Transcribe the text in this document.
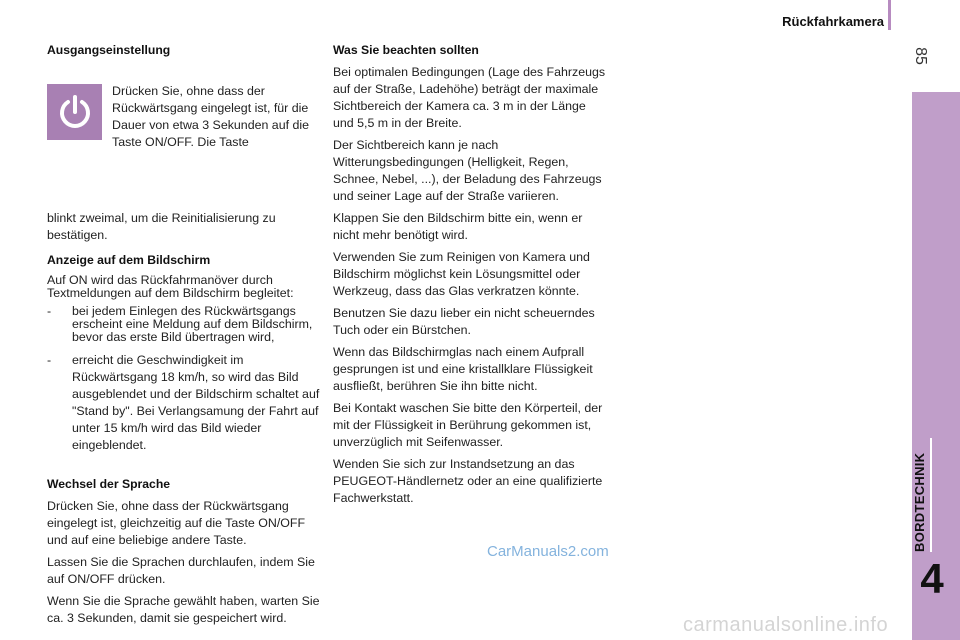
Rückfahrkamera
85
BORDTECHNIK
4
Ausgangseinstellung
Drücken Sie, ohne dass der Rückwärtsgang eingelegt ist, für die Dauer von etwa 3 Sekunden auf die Taste ON/OFF. Die Taste

blinkt zweimal, um die Reinitialisierung zu bestätigen.

Anzeige auf dem Bildschirm

Auf ON wird das Rückfahrmanöver durch Textmeldungen auf dem Bildschirm begleitet:

- bei jedem Einlegen des Rückwärtsgangs erscheint eine Meldung auf dem Bildschirm, bevor das erste Bild übertragen wird,
- erreicht die Geschwindigkeit im Rückwärtsgang 18 km/h, so wird das Bild ausgeblendet und der Bildschirm schaltet auf "Stand by". Bei Verlangsamung der Fahrt auf unter 15 km/h wird das Bild wieder eingeblendet.
Wechsel der Sprache

Drücken Sie, ohne dass der Rückwärtsgang eingelegt ist, gleichzeitig auf die Taste ON/OFF und auf eine beliebige andere Taste.

Lassen Sie die Sprachen durchlaufen, indem Sie auf ON/OFF drücken.

Wenn Sie die Sprache gewählt haben, warten Sie ca. 3 Sekunden, damit sie gespeichert wird.

Was Sie beachten sollten

Bei optimalen Bedingungen (Lage des Fahrzeugs auf der Straße, Ladehöhe) beträgt der maximale Sichtbereich der Kamera ca. 3 m in der Länge und 5,5 m in der Breite.

Der Sichtbereich kann je nach Witterungsbedingungen (Helligkeit, Regen, Schnee, Nebel, ...), der Beladung des Fahrzeugs und seiner Lage auf der Straße variieren.

Klappen Sie den Bildschirm bitte ein, wenn er nicht mehr benötigt wird.

Verwenden Sie zum Reinigen von Kamera und Bildschirm möglichst kein Lösungsmittel oder Werkzeug, dass das Glas verkratzen könnte.

Benutzen Sie dazu lieber ein nicht scheuerndes Tuch oder ein Bürstchen.

Wenn das Bildschirmglas nach einem Aufprall gesprungen ist und eine kristallklare Flüssigkeit ausfließt, berühren Sie ihn bitte nicht.

Bei Kontakt waschen Sie bitte den Körperteil, der mit der Flüssigkeit in Berührung gekommen ist, unverzüglich mit Seifenwasser.

Wenden Sie sich zur Instandsetzung an das PEUGEOT-Händlernetz oder an eine qualifizierte Fachwerkstatt.

CarManuals2.com
carmanualsonline.info
